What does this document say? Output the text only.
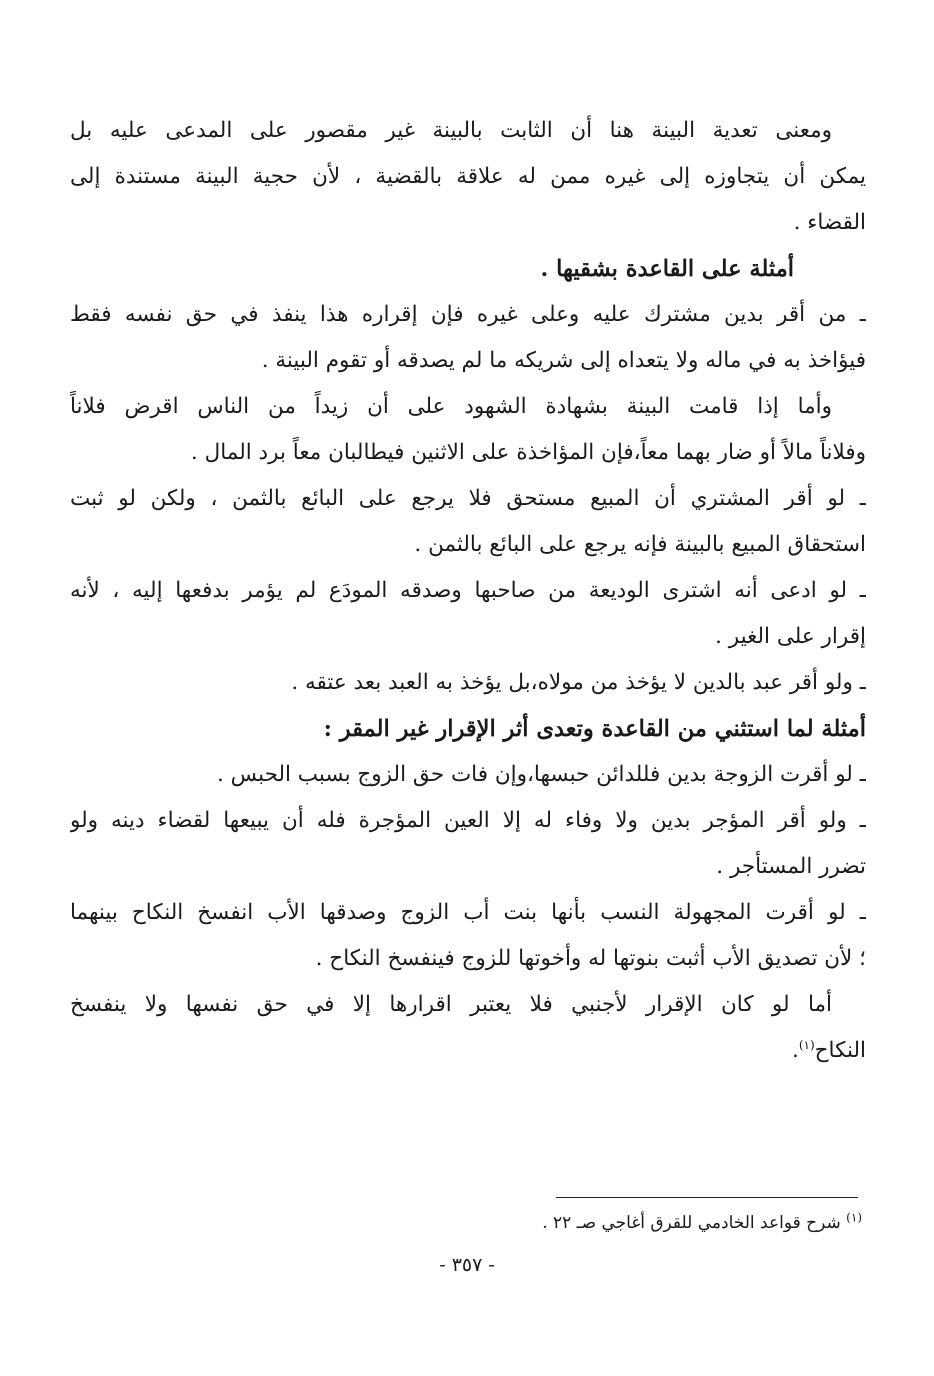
ومعنى تعدية البينة هنا أن الثابت بالبينة غير مقصور على المدعى عليه بل
يمكن أن يتجاوزه إلى غيره ممن له علاقة بالقضية ، لأن حجية البينة مستندة إلى
القضاء .
أمثلة على القاعدة بشقيها .
ـ من أقر بدين مشترك عليه وعلى غيره فإن إقراره هذا ينفذ في حق نفسه فقط
فيؤاخذ به في ماله ولا يتعداه إلى شريكه ما لم يصدقه أو تقوم البينة .
وأما إذا قامت البينة بشهادة الشهود على أن زيداً من الناس اقرض فلاناً
وفلاناً مالاً أو ضار بهما معاً،فإن المؤاخذة على الاثنين فيطالبان معاً برد المال .
ـ لو أقر المشتري أن المبيع مستحق فلا يرجع على البائع بالثمن ، ولكن لو ثبت
استحقاق المبيع بالبينة فإنه يرجع على البائع بالثمن .
ـ لو ادعى أنه اشترى الوديعة من صاحبها وصدقه المودَع لم يؤمر بدفعها إليه ، لأنه
إقرار على الغير .
ـ ولو أقر عبد بالدين لا يؤخذ من مولاه،بل يؤخذ به العبد بعد عتقه .
أمثلة لما استثني من القاعدة وتعدى أثر الإقرار غير المقر :
ـ لو أقرت الزوجة بدين فللدائن حبسها،وإن فات حق الزوج بسبب الحبس .
ـ ولو أقر المؤجر بدين ولا وفاء له إلا العين المؤجرة فله أن يبيعها لقضاء دينه ولو
تضرر المستأجر .
ـ لو أقرت المجهولة النسب بأنها بنت أب الزوج وصدقها الأب انفسخ النكاح بينهما
؛ لأن تصديق الأب أثبت بنوتها له وأخوتها للزوج فينفسخ النكاح .
أما لو كان الإقرار لأجنبي فلا يعتبر اقرارها إلا في حق نفسها ولا ينفسخ
النكاح$^{(١)}$.
$^{(١)}$ شرح قواعد الخادمي للقرق أغاجي صـ ٢٢ .
- ٣٥٧ -
